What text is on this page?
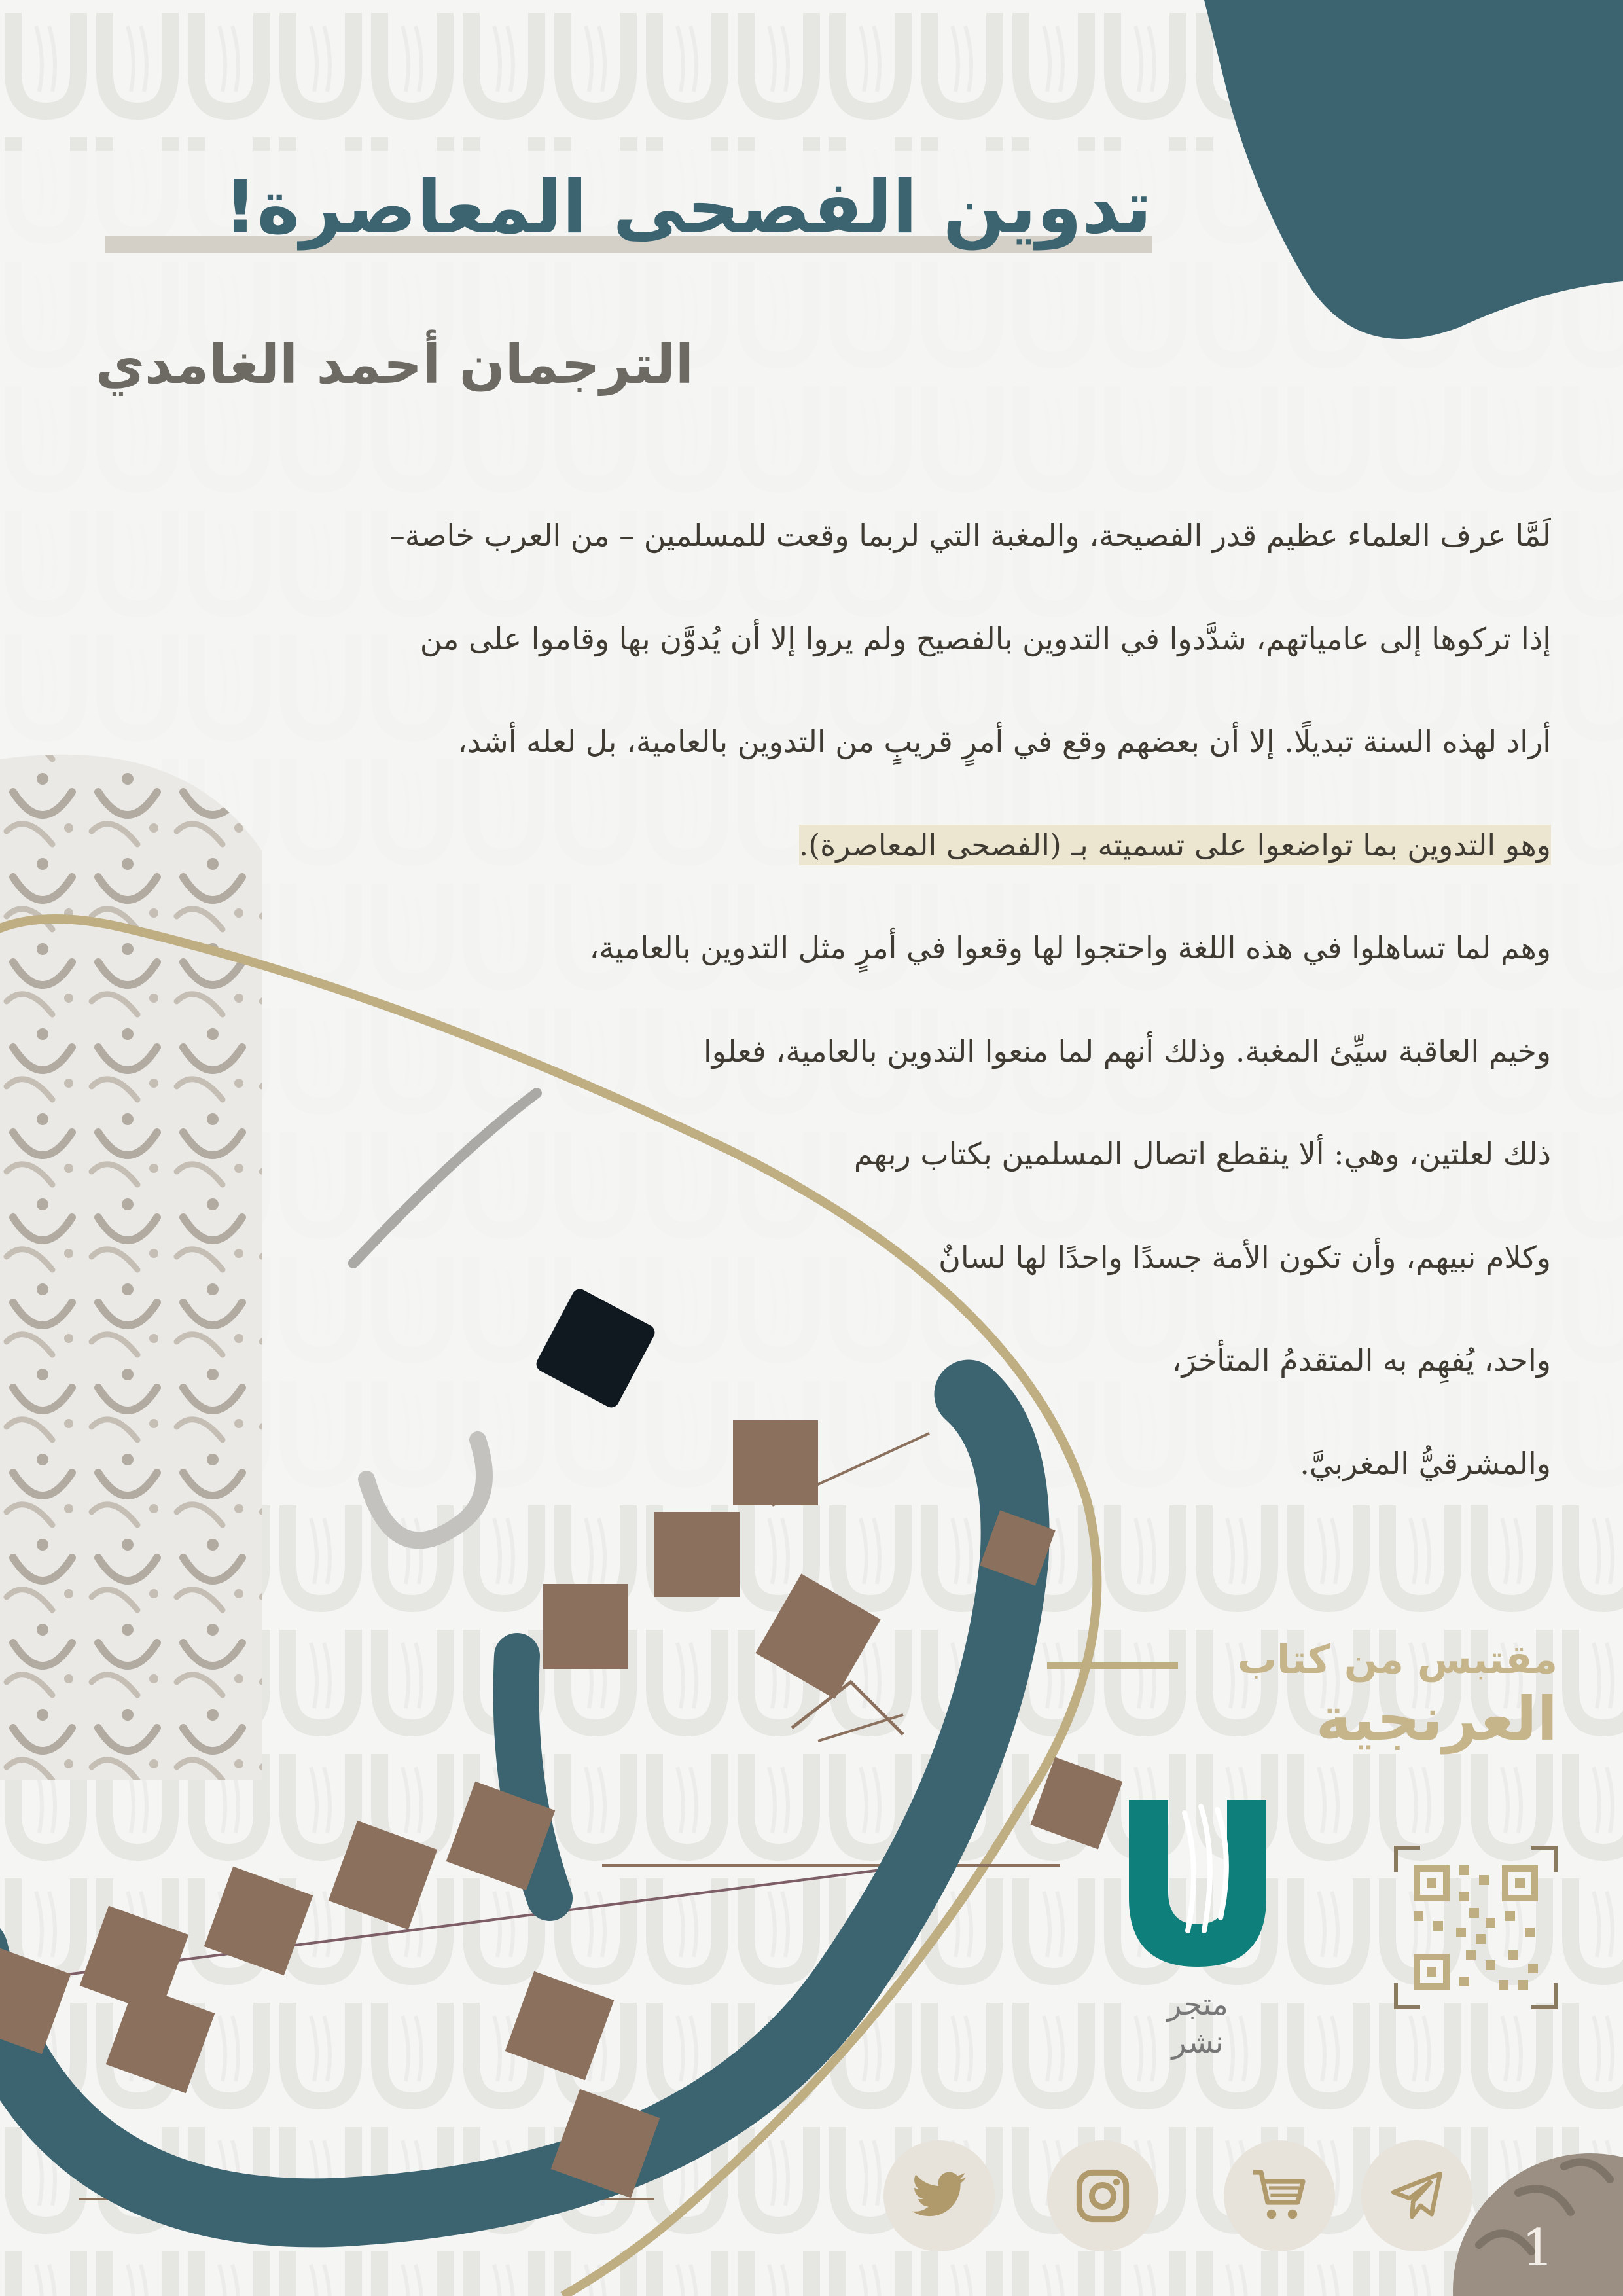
تدوين الفصحى المعاصرة!
الترجمان أحمد الغامدي
لَمَّا عرف العلماء عظيم قدر الفصيحة، والمغبة التي لربما وقعت للمسلمين – من العرب خاصة–
إذا تركوها إلى عامياتهم، شدَّدوا في التدوين بالفصيح ولم يروا إلا أن يُدوَّن بها وقاموا على من
أراد لهذه السنة تبديلًا. إلا أن بعضهم وقع في أمرٍ قريبٍ من التدوين بالعامية، بل لعله أشد،
وهو التدوين بما تواضعوا على تسميته بـ (الفصحى المعاصرة).
وهم لما تساهلوا في هذه اللغة واحتجوا لها وقعوا في أمرٍ مثل التدوين بالعامية،
وخيم العاقبة سيِّئ المغبة. وذلك أنهم لما منعوا التدوين بالعامية، فعلوا
ذلك لعلتين، وهي: ألا ينقطع اتصال المسلمين بكتاب ربهم
وكلام نبيهم، وأن تكون الأمة جسدًا واحدًا لها لسانٌ
واحد، يُفهِم به المتقدمُ المتأخرَ،
والمشرقيُّ المغربيَّ.
مقتبس من كتاب
العرنجية
متجر
نشر
1
